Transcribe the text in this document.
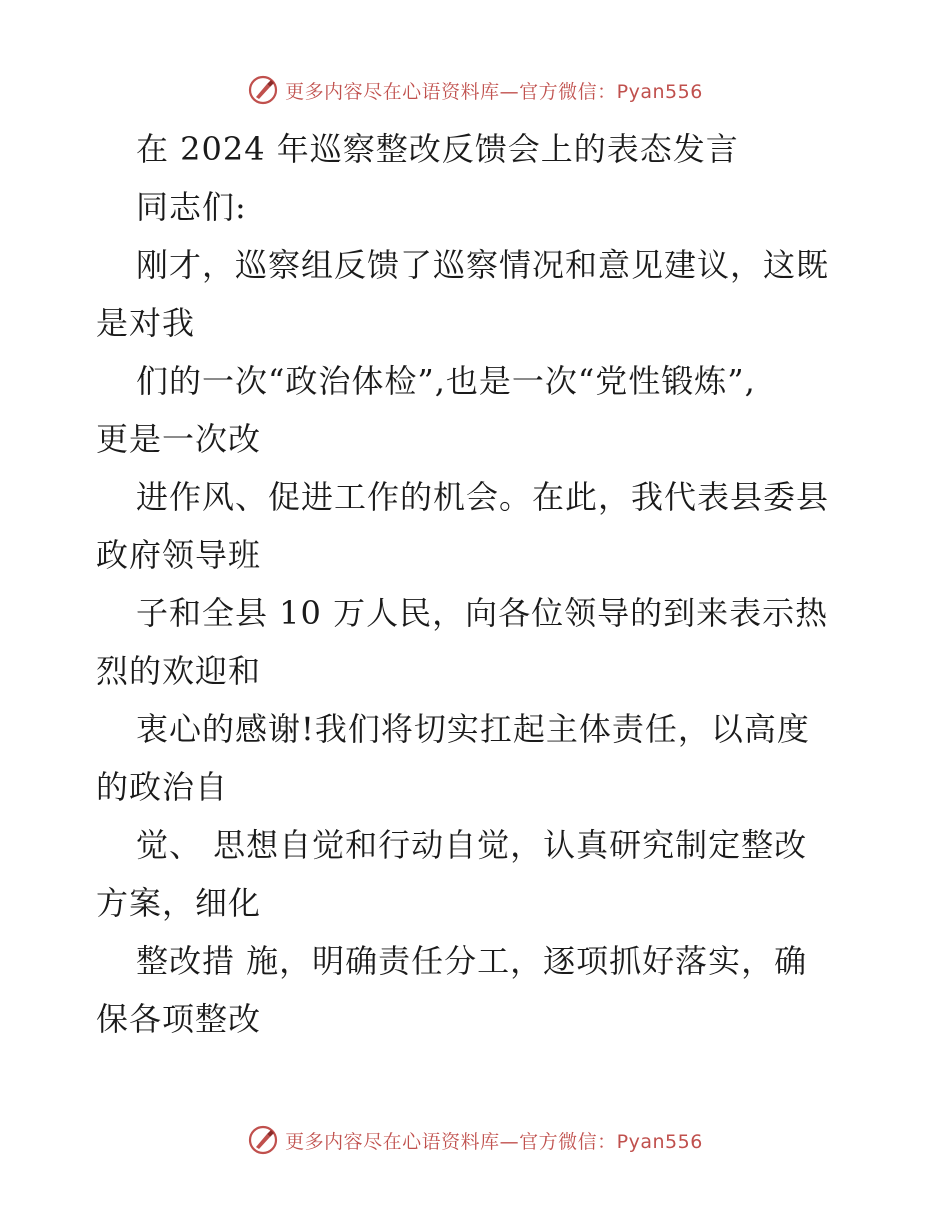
更多内容尽在心语资料库—官方微信：Pyan556
在 2024 年巡察整改反馈会上的表态发言
同志们:
刚才，巡察组反馈了巡察情况和意见建议，这既
是对我
们的一次“政治体检”,也是一次“党性锻炼”,
更是一次改
进作风、促进工作的机会。在此，我代表县委县
政府领导班
子和全县 10 万人民，向各位领导的到来表示热
烈的欢迎和
衷心的感谢!我们将切实扛起主体责任，以高度
的政治自
觉、 思想自觉和行动自觉，认真研究制定整改
方案，细化
整改措 施，明确责任分工，逐项抓好落实，确
保各项整改
更多内容尽在心语资料库—官方微信：Pyan556
